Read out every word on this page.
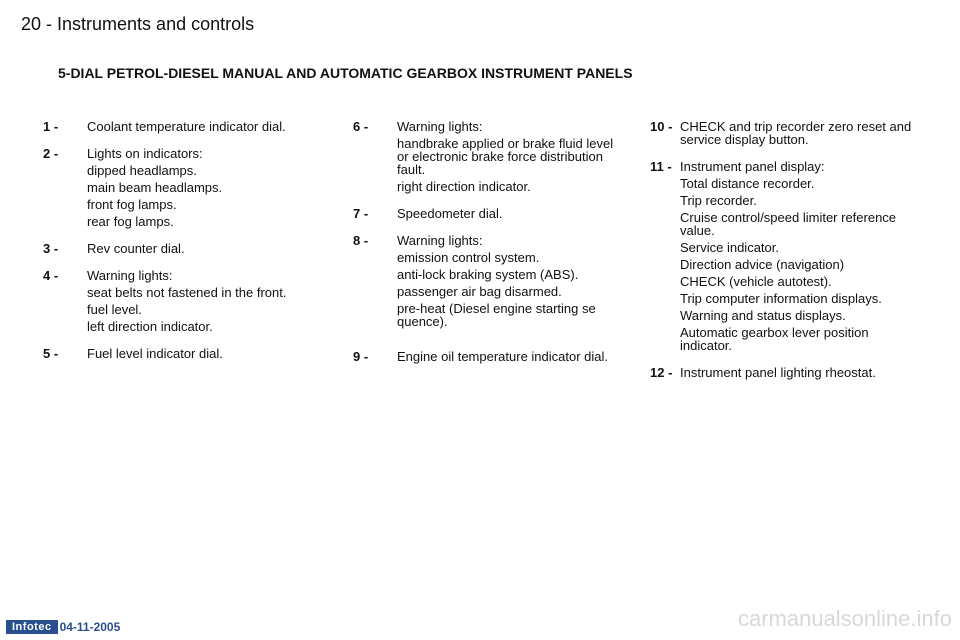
20 - Instruments and controls
5-DIAL PETROL-DIESEL MANUAL AND AUTOMATIC GEARBOX INSTRUMENT PANELS
1 -	Coolant temperature indicator dial.
2 -	Lights on indicators:
dipped headlamps.
main beam headlamps.
front fog lamps.
rear fog lamps.
3 -	Rev counter dial.
4 -	Warning lights:
seat belts not fastened in the front.
fuel level.
left direction indicator.
5 -	Fuel level indicator dial.
6 -	Warning lights:
handbrake applied or brake fluid level or electronic brake force distribution fault.
right direction indicator.
7 -	Speedometer dial.
8 -	Warning lights:
emission control system.
anti-lock braking system (ABS).
passenger air bag disarmed.
pre-heat (Diesel engine starting se quence).
9 -	Engine oil temperature indicator dial.
10 - CHECK and trip recorder zero reset and service display button.
11 - Instrument panel display:
Total distance recorder.
Trip recorder.
Cruise control/speed limiter reference value.
Service indicator.
Direction advice (navigation)
CHECK (vehicle autotest).
Trip computer information displays.
Warning and status displays.
Automatic gearbox lever position indicator.
12 - Instrument panel lighting rheostat.
Infotec 04-11-2005	carmanualsonline.info
